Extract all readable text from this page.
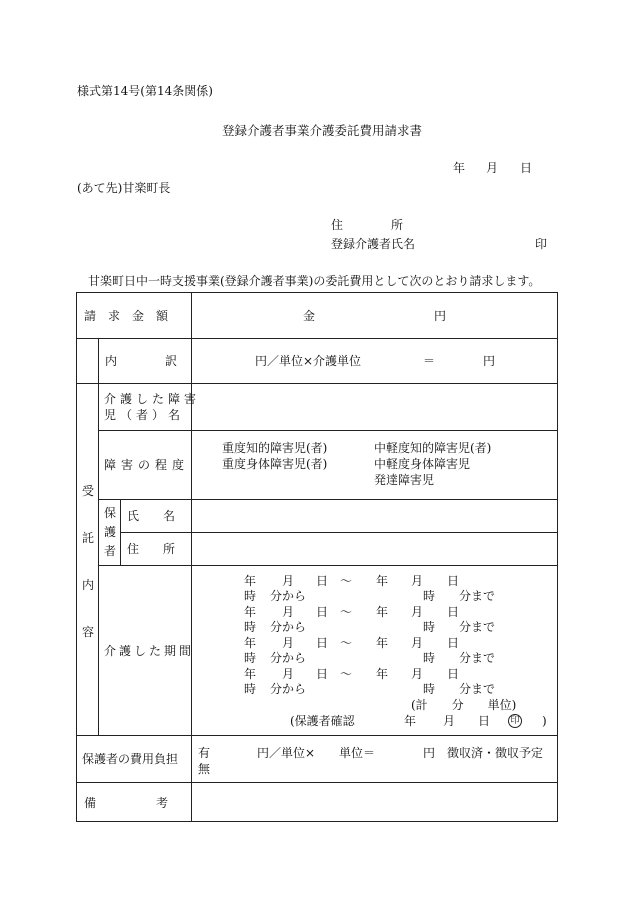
様式第14号(第14条関係)
登録介護者事業介護委託費用請求書
年 月 日
(あて先)甘楽町長
住　　　　所
登録介護者氏名	印
甘楽町日中一時支援事業(登録介護者事業)の委託費用として次のとおり請求します。
請　求　金　額	金	円
内　　　　訳	円／単位×介護単位	＝	円
受
託
内
容
介護した障害
児（者）名
障害の程度
重度知的障害児(者)	中軽度知的障害児(者)
重度身体障害児(者)	中軽度身体障害児
発達障害児
保
護
者
氏　　名
住　　所
介護した期間
年 月 日 〜 年 月 日
時 分から	時 分まで
年 月 日 〜 年 月 日
時 分から	時 分まで
年 月 日 〜 年 月 日
時 分から	時 分まで
年 月 日 〜 年 月 日
時 分から	時 分まで
(計　　分　　単位)
(保護者確認	年 月 日 印 )
保護者の費用負担 有	円／単位× 単位＝	円 徴収済・徴収予定
無
備　　　　　考
